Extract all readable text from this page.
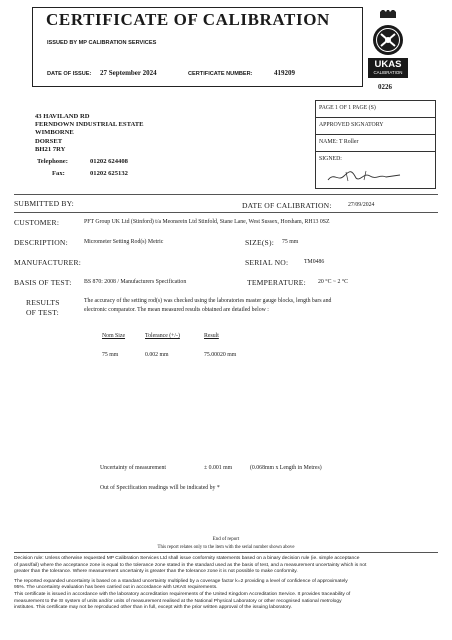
CERTIFICATE OF CALIBRATION
ISSUED BY MP CALIBRATION SERVICES
DATE OF ISSUE: 27 September 2024	CERTIFICATE NUMBER:	419209
UKAS
CALIBRATION
0226
43 HAVILAND RD
FERNDOWN INDUSTRIAL ESTATE
WIMBORNE
DORSET
BH21 7RY
Telephone:	01202 624408
Fax:	01202 625132
PAGE 1 OF 1 PAGE (S)
APPROVED SIGNATORY
NAME: T Roller
SIGNED:
SUBMITTED BY:	DATE OF CALIBRATION:	27/09/2024
CUSTOMER:	PFT Group UK Ltd (Stinford) t/a Meonsrein Ltd Stinfold, Stane Lane, West Sussex, Horsham, RH13 0SZ
DESCRIPTION:	Micrometer Setting Rod(s) Metric	SIZE(S): 75 mm
MANUFACTURER:	SERIAL NO:	TM0486
BASIS OF TEST: BS 870: 2008 / Manufacturers Specification	TEMPERATURE: 20 °C ~ 2 °C
RESULTS
OF TEST:
The accuracy of the setting rod(s) was checked using the laboratories master gauge blocks, length bars and
electronic comparator. The mean measured results obtained are detailed below :
Nom Size	Tolerance (+/-)	Result
75 mm	0.002 mm	75.00020 mm
Uncertainty of measurement	± 0.001 mm	(0.068mm x Length in Metres)
Out of Specification readings will be indicated by *
End of report
This report relates only to the item with the serial number shown above
Decision rule: Unless otherwise requested MP Calibration Services Ltd shall issue conformity statements based on a binary decision rule (ie. simple acceptance
of pass/fail) where the acceptance zone is equal to the tolerance zone stated in the standard used as the basis of test, and a measurement uncertainty which is not
greater than the tolerance. Where measurement uncertainty is greater than the tolerance zone it is not possible to make conformity.
The reported expanded uncertainty is based on a standard uncertainty multiplied by a coverage factor k=2 providing a level of confidence of approximately
95%. The uncertainty evaluation has been carried out in accordance with UKAS requirements.
This certificate is issued in accordance with the laboratory accreditation requirements of the United Kingdom Accreditation Service. It provides traceability of
measurement to the SI system of units and/or units of measurement realised at the National Physical Laboratory or other recognised national metrology
institutes. This certificate may not be reproduced other than in full, except with the prior written approval of the issuing laboratory.
